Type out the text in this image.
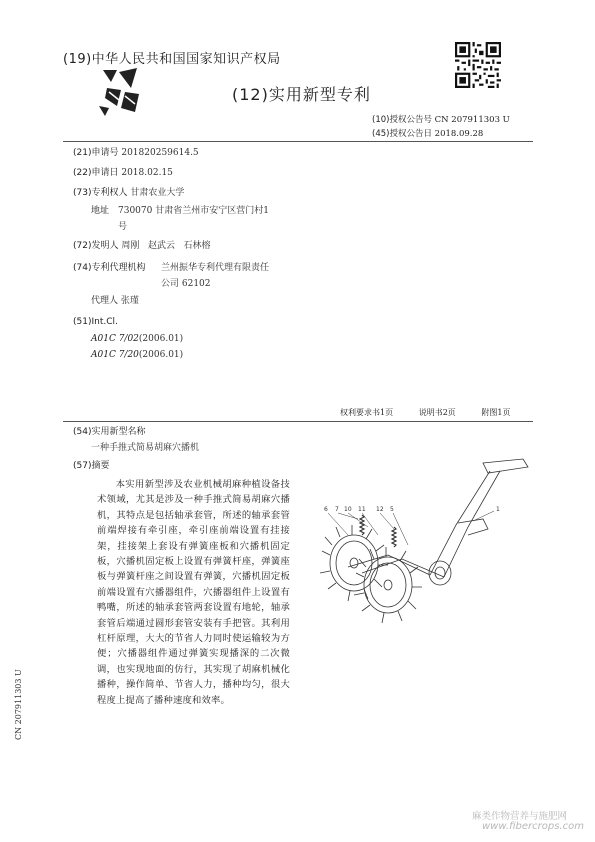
(19)中华人民共和国国家知识产权局
(12)实用新型专利
(10)授权公告号 CN 207911303 U
(45)授权公告日 2018.09.28
(21)申请号 201820259614.5
(22)申请日 2018.02.15
(73)专利权人 甘肃农业大学
地址 730070 甘肃省兰州市安宁区营门村1
号
(72)发明人 周刚   赵武云   石林榕
(74)专利代理机构 兰州振华专利代理有限责任
公司 62102
代理人 张瑾
(51)Int.Cl.
A01C 7/02(2006.01)
A01C 7/20(2006.01)
权利要求书1页   说明书2页   附图1页
(54)实用新型名称
一种手推式简易胡麻穴播机
(57)摘要
本实用新型涉及农业机械胡麻种植设备技术领域，尤其是涉及一种手推式简易胡麻穴播机，其特点是包括轴承套管，所述的轴承套管前端焊接有牵引座，牵引座前端设置有挂接架，挂接架上套设有弹簧座板和穴播机固定板，穴播机固定板上设置有弹簧杆座，弹簧座板与弹簧杆座之间设置有弹簧，穴播机固定板前端设置有穴播器组件，穴播器组件上设置有鸭嘴，所述的轴承套管两套设置有地轮，轴承套管后端通过圆形套管安装有手把管。其利用杠杆原理，大大的节省人力同时使运输较为方便；穴播器组件通过弹簧实现播深的二次微调，也实现地面的仿行，其实现了胡麻机械化播种，操作简单、节省人力，播种均匀，很大程度上提高了播种速度和效率。
6 7 10 11 12 5	1
CN 207911303 U
麻类作物营养与施肥网
www.fibercrops.com
